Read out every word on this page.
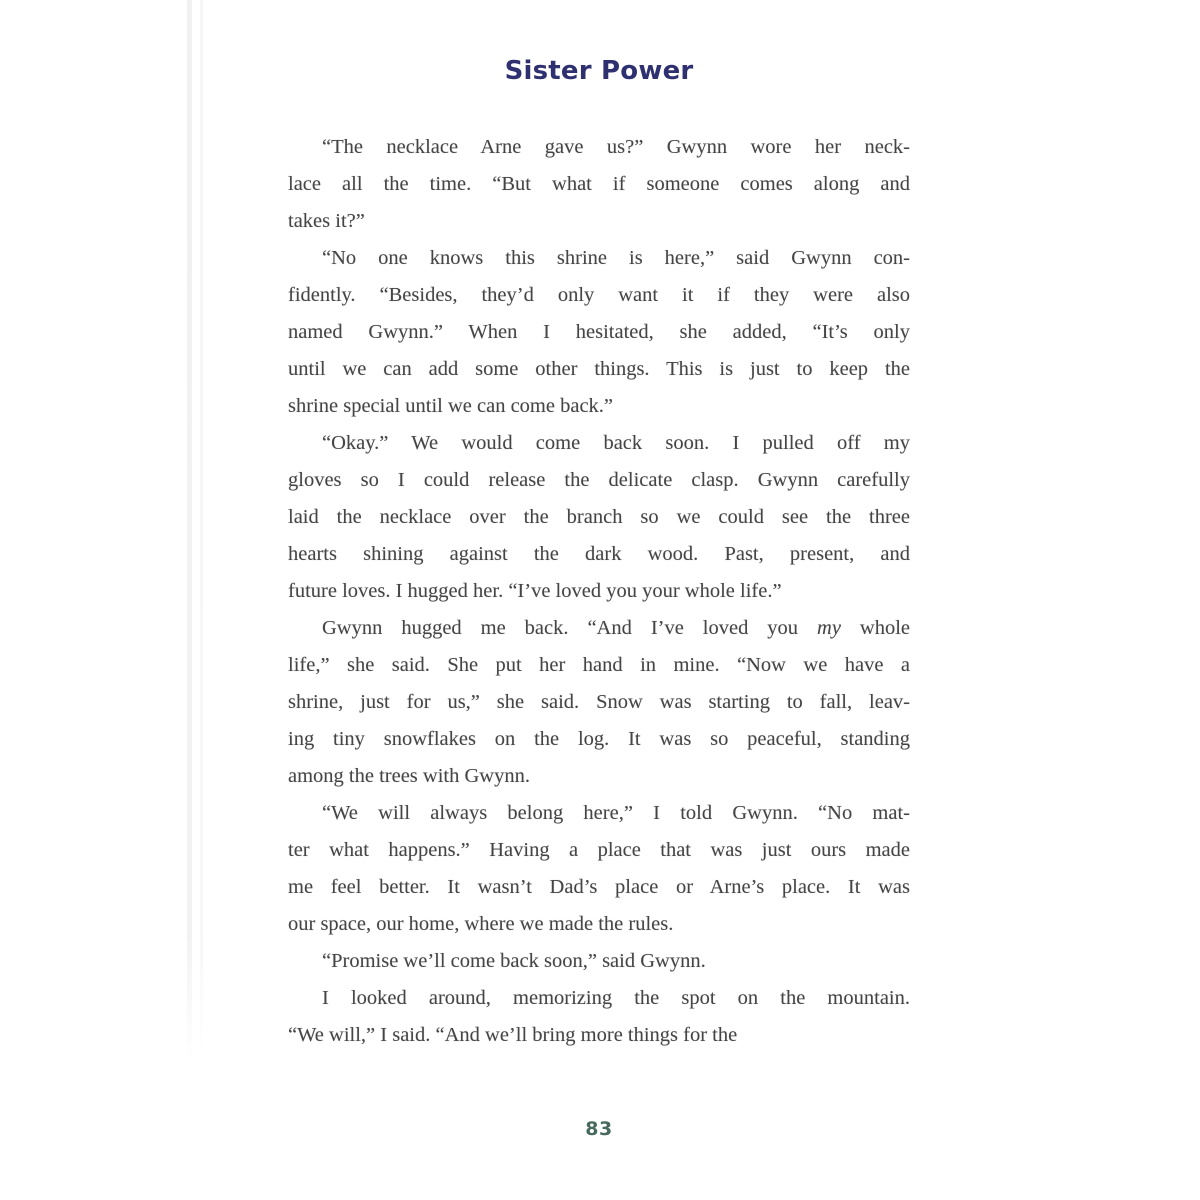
Sister Power
“The necklace Arne gave us?” Gwynn wore her neck-
lace all the time. “But what if someone comes along and
takes it?”
“No one knows this shrine is here,” said Gwynn con-
fidently. “Besides, they’d only want it if they were also
named Gwynn.” When I hesitated, she added, “It’s only
until we can add some other things. This is just to keep the
shrine special until we can come back.”
“Okay.” We would come back soon. I pulled off my
gloves so I could release the delicate clasp. Gwynn carefully
laid the necklace over the branch so we could see the three
hearts shining against the dark wood. Past, present, and
future loves. I hugged her. “I’ve loved you your whole life.”
Gwynn hugged me back. “And I’ve loved you my whole
life,” she said. She put her hand in mine. “Now we have a
shrine, just for us,” she said. Snow was starting to fall, leav-
ing tiny snowflakes on the log. It was so peaceful, standing
among the trees with Gwynn.
“We will always belong here,” I told Gwynn. “No mat-
ter what happens.” Having a place that was just ours made
me feel better. It wasn’t Dad’s place or Arne’s place. It was
our space, our home, where we made the rules.
“Promise we’ll come back soon,” said Gwynn.
I looked around, memorizing the spot on the mountain.
“We will,” I said. “And we’ll bring more things for the
83
